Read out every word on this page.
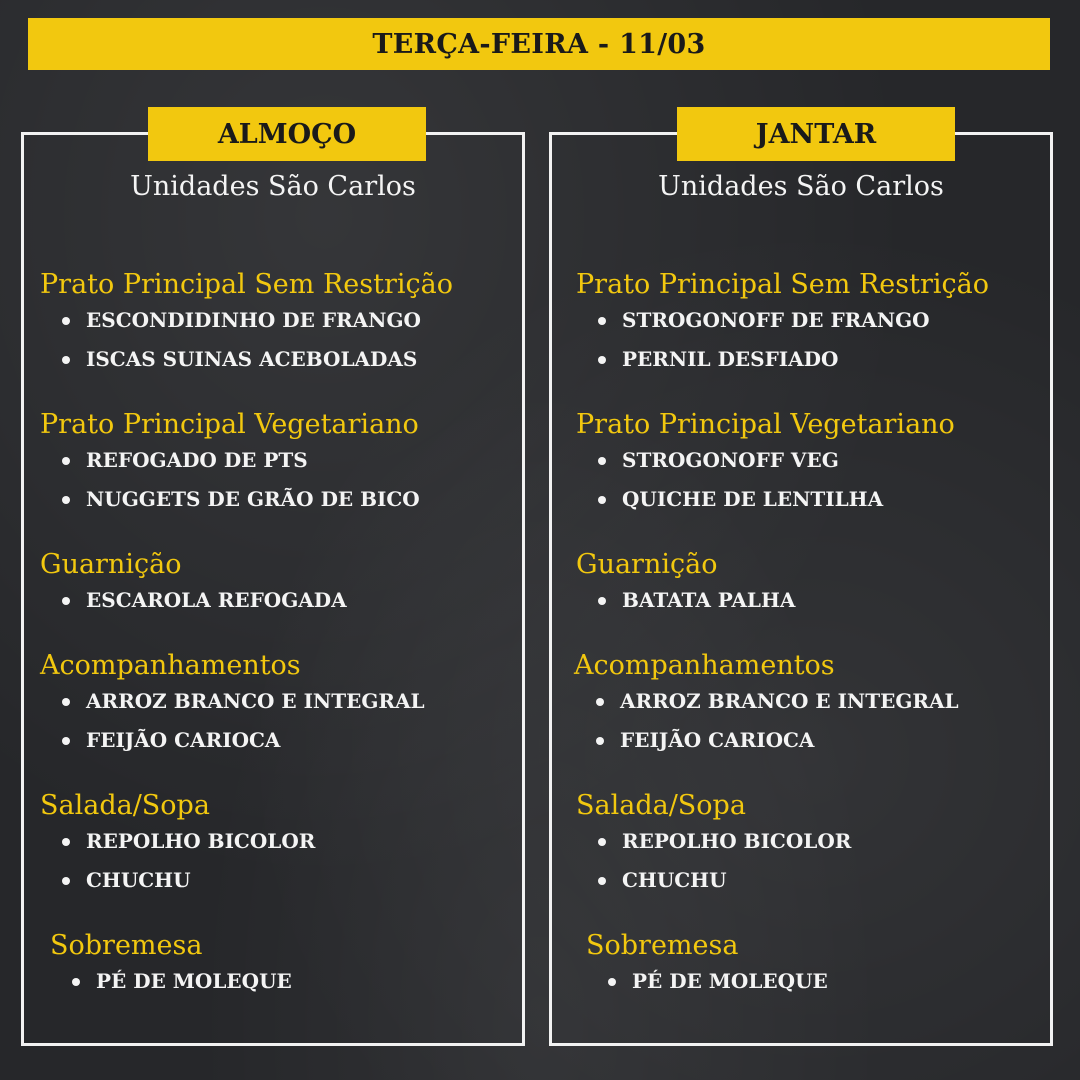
TERÇA-FEIRA - 11/03
ALMOÇO
Unidades São Carlos
Prato Principal Sem Restrição
ESCONDIDINHO DE FRANGO
ISCAS SUINAS ACEBOLADAS
Prato Principal Vegetariano
REFOGADO DE PTS
NUGGETS DE GRÃO DE BICO
Guarnição
ESCAROLA REFOGADA
Acompanhamentos
ARROZ BRANCO E INTEGRAL
FEIJÃO CARIOCA
Salada/Sopa
REPOLHO BICOLOR
CHUCHU
Sobremesa
PÉ DE MOLEQUE
JANTAR
Unidades São Carlos
Prato Principal Sem Restrição
STROGONOFF DE FRANGO
PERNIL DESFIADO
Prato Principal Vegetariano
STROGONOFF VEG
QUICHE DE LENTILHA
Guarnição
BATATA PALHA
Acompanhamentos
ARROZ BRANCO E INTEGRAL
FEIJÃO CARIOCA
Salada/Sopa
REPOLHO BICOLOR
CHUCHU
Sobremesa
PÉ DE MOLEQUE
